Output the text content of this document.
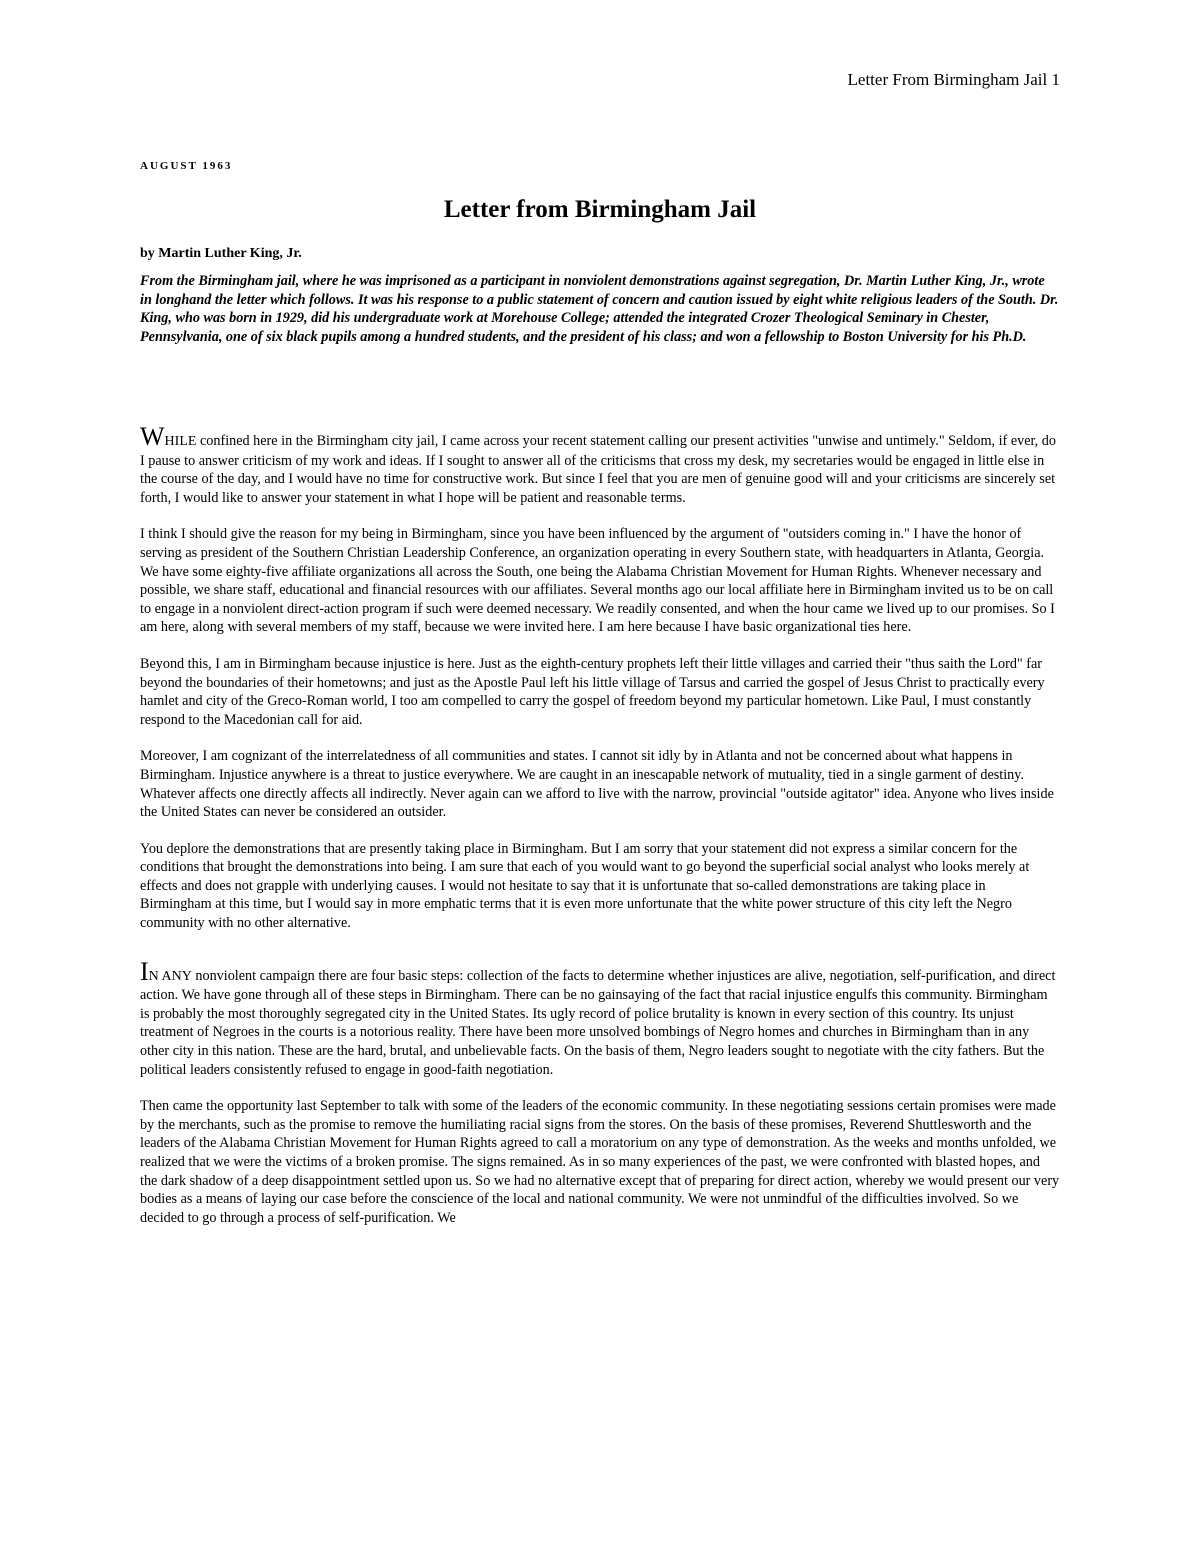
Letter From Birmingham Jail 1
AUGUST 1963
Letter from Birmingham Jail
by Martin Luther King, Jr.

From the Birmingham jail, where he was imprisoned as a participant in nonviolent demonstrations against segregation, Dr. Martin Luther King, Jr., wrote in longhand the letter which follows. It was his response to a public statement of concern and caution issued by eight white religious leaders of the South. Dr. King, who was born in 1929, did his undergraduate work at Morehouse College; attended the integrated Crozer Theological Seminary in Chester, Pennsylvania, one of six black pupils among a hundred students, and the president of his class; and won a fellowship to Boston University for his Ph.D.

WHILE confined here in the Birmingham city jail, I came across your recent statement calling our present activities "unwise and untimely." Seldom, if ever, do I pause to answer criticism of my work and ideas. If I sought to answer all of the criticisms that cross my desk, my secretaries would be engaged in little else in the course of the day, and I would have no time for constructive work. But since I feel that you are men of genuine good will and your criticisms are sincerely set forth, I would like to answer your statement in what I hope will be patient and reasonable terms.

I think I should give the reason for my being in Birmingham, since you have been influenced by the argument of "outsiders coming in." I have the honor of serving as president of the Southern Christian Leadership Conference, an organization operating in every Southern state, with headquarters in Atlanta, Georgia. We have some eighty-five affiliate organizations all across the South, one being the Alabama Christian Movement for Human Rights. Whenever necessary and possible, we share staff, educational and financial resources with our affiliates. Several months ago our local affiliate here in Birmingham invited us to be on call to engage in a nonviolent direct-action program if such were deemed necessary. We readily consented, and when the hour came we lived up to our promises. So I am here, along with several members of my staff, because we were invited here. I am here because I have basic organizational ties here.

Beyond this, I am in Birmingham because injustice is here. Just as the eighth-century prophets left their little villages and carried their "thus saith the Lord" far beyond the boundaries of their hometowns; and just as the Apostle Paul left his little village of Tarsus and carried the gospel of Jesus Christ to practically every hamlet and city of the Greco-Roman world, I too am compelled to carry the gospel of freedom beyond my particular hometown. Like Paul, I must constantly respond to the Macedonian call for aid.

Moreover, I am cognizant of the interrelatedness of all communities and states. I cannot sit idly by in Atlanta and not be concerned about what happens in Birmingham. Injustice anywhere is a threat to justice everywhere. We are caught in an inescapable network of mutuality, tied in a single garment of destiny. Whatever affects one directly affects all indirectly. Never again can we afford to live with the narrow, provincial "outside agitator" idea. Anyone who lives inside the United States can never be considered an outsider.

You deplore the demonstrations that are presently taking place in Birmingham. But I am sorry that your statement did not express a similar concern for the conditions that brought the demonstrations into being. I am sure that each of you would want to go beyond the superficial social analyst who looks merely at effects and does not grapple with underlying causes. I would not hesitate to say that it is unfortunate that so-called demonstrations are taking place in Birmingham at this time, but I would say in more emphatic terms that it is even more unfortunate that the white power structure of this city left the Negro community with no other alternative.

IN ANY nonviolent campaign there are four basic steps: collection of the facts to determine whether injustices are alive, negotiation, self-purification, and direct action. We have gone through all of these steps in Birmingham. There can be no gainsaying of the fact that racial injustice engulfs this community. Birmingham is probably the most thoroughly segregated city in the United States. Its ugly record of police brutality is known in every section of this country. Its unjust treatment of Negroes in the courts is a notorious reality. There have been more unsolved bombings of Negro homes and churches in Birmingham than in any other city in this nation. These are the hard, brutal, and unbelievable facts. On the basis of them, Negro leaders sought to negotiate with the city fathers. But the political leaders consistently refused to engage in good-faith negotiation.

Then came the opportunity last September to talk with some of the leaders of the economic community. In these negotiating sessions certain promises were made by the merchants, such as the promise to remove the humiliating racial signs from the stores. On the basis of these promises, Reverend Shuttlesworth and the leaders of the Alabama Christian Movement for Human Rights agreed to call a moratorium on any type of demonstration. As the weeks and months unfolded, we realized that we were the victims of a broken promise. The signs remained. As in so many experiences of the past, we were confronted with blasted hopes, and the dark shadow of a deep disappointment settled upon us. So we had no alternative except that of preparing for direct action, whereby we would present our very bodies as a means of laying our case before the conscience of the local and national community. We were not unmindful of the difficulties involved. So we decided to go through a process of self-purification. We
